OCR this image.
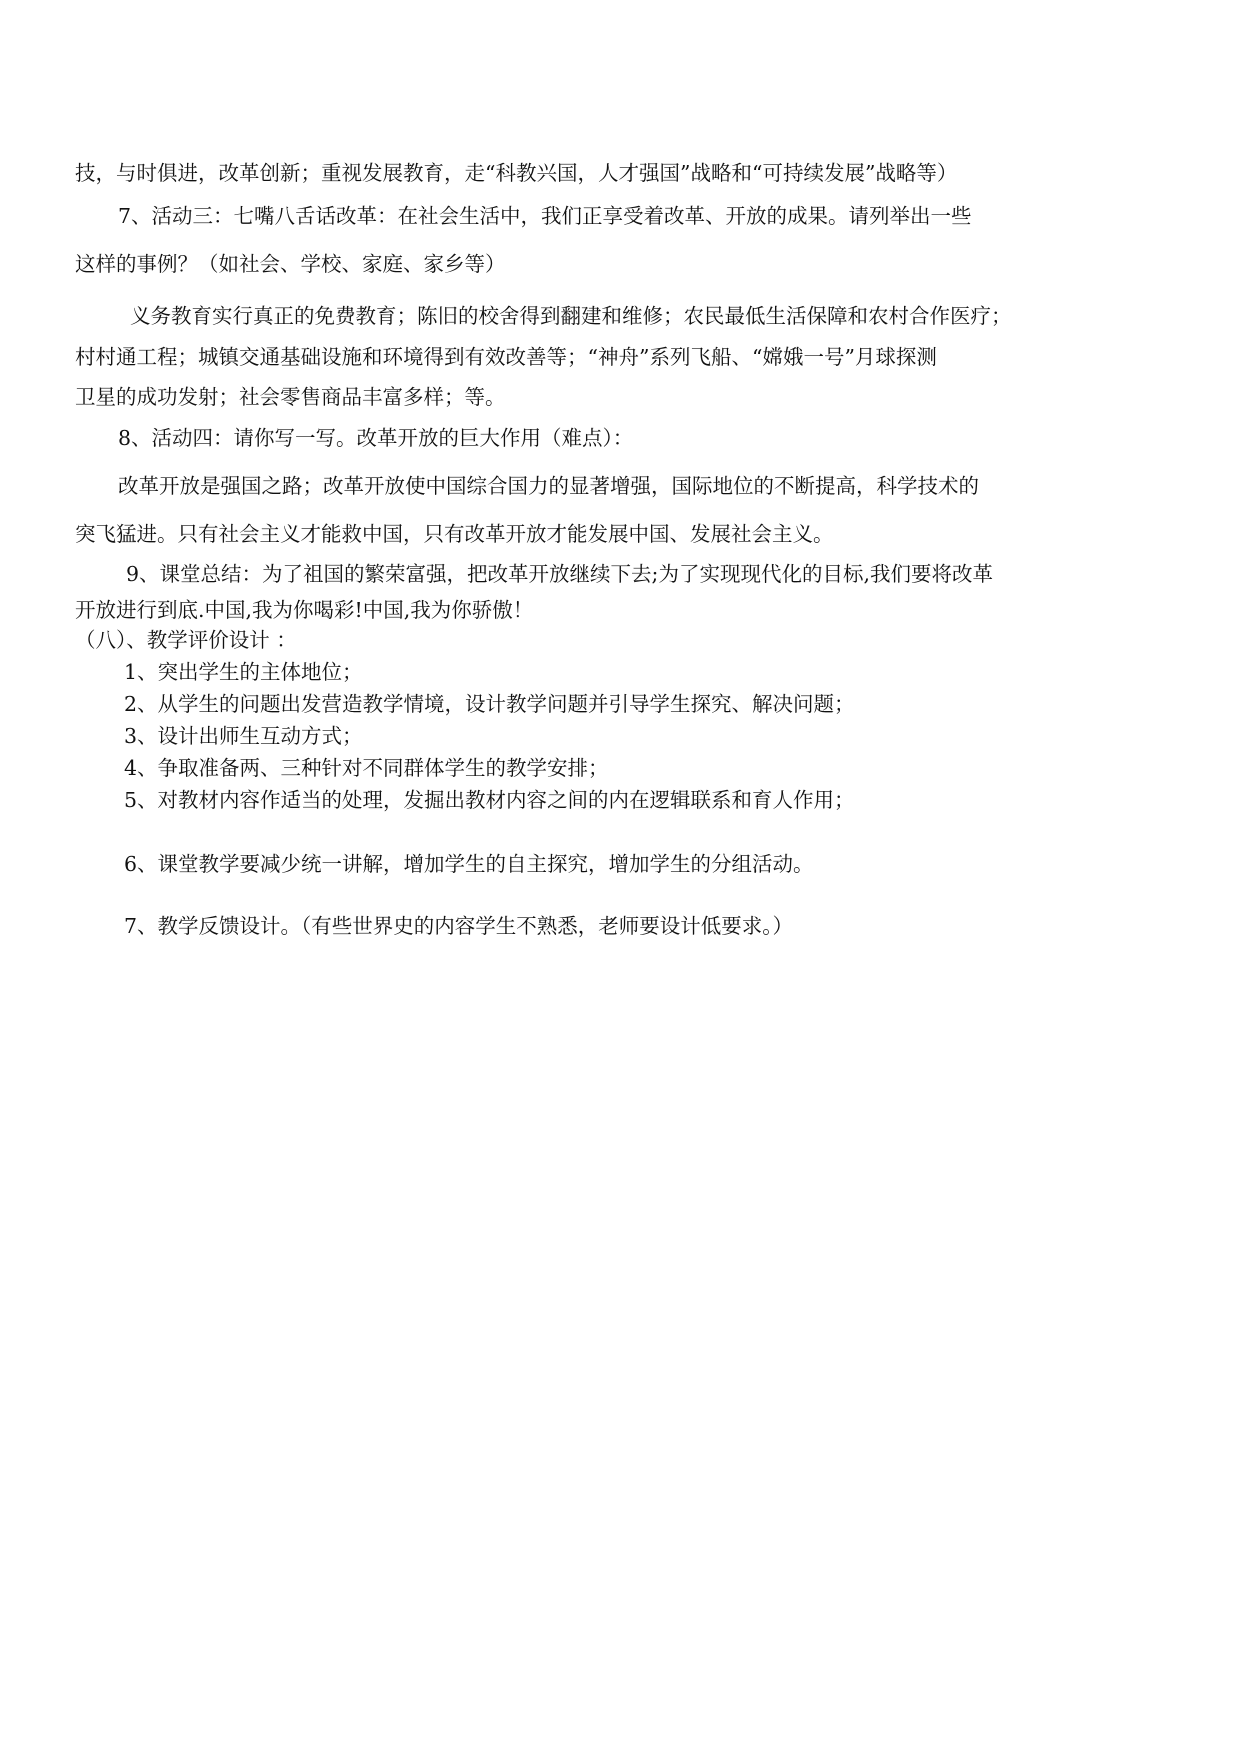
技，与时俱进，改革创新；重视发展教育，走“科教兴国，人才强国”战略和“可持续发展”战略等）
7、活动三：七嘴八舌话改革：在社会生活中，我们正享受着改革、开放的成果。请列举出一些
这样的事例？（如社会、学校、家庭、家乡等）
义务教育实行真正的免费教育；陈旧的校舍得到翻建和维修；农民最低生活保障和农村合作医疗；
村村通工程；城镇交通基础设施和环境得到有效改善等；“神舟”系列飞船、“嫦娥一号”月球探测
卫星的成功发射；社会零售商品丰富多样；等。
8、活动四：请你写一写。改革开放的巨大作用（难点）：
改革开放是强国之路；改革开放使中国综合国力的显著增强，国际地位的不断提高，科学技术的
突飞猛进。只有社会主义才能救中国，只有改革开放才能发展中国、发展社会主义。
9、课堂总结：为了祖国的繁荣富强，把改革开放继续下去;为了实现现代化的目标,我们要将改革
开放进行到底.中国,我为你喝彩!中国,我为你骄傲！
（八）、教学评价设计 ：
1、突出学生的主体地位；
2、从学生的问题出发营造教学情境，设计教学问题并引导学生探究、解决问题；
3、设计出师生互动方式；
4、争取准备两、三种针对不同群体学生的教学安排；
5、对教材内容作适当的处理，发掘出教材内容之间的内在逻辑联系和育人作用；
6、课堂教学要减少统一讲解，增加学生的自主探究，增加学生的分组活动。
7、教学反馈设计。（有些世界史的内容学生不熟悉，老师要设计低要求。）
